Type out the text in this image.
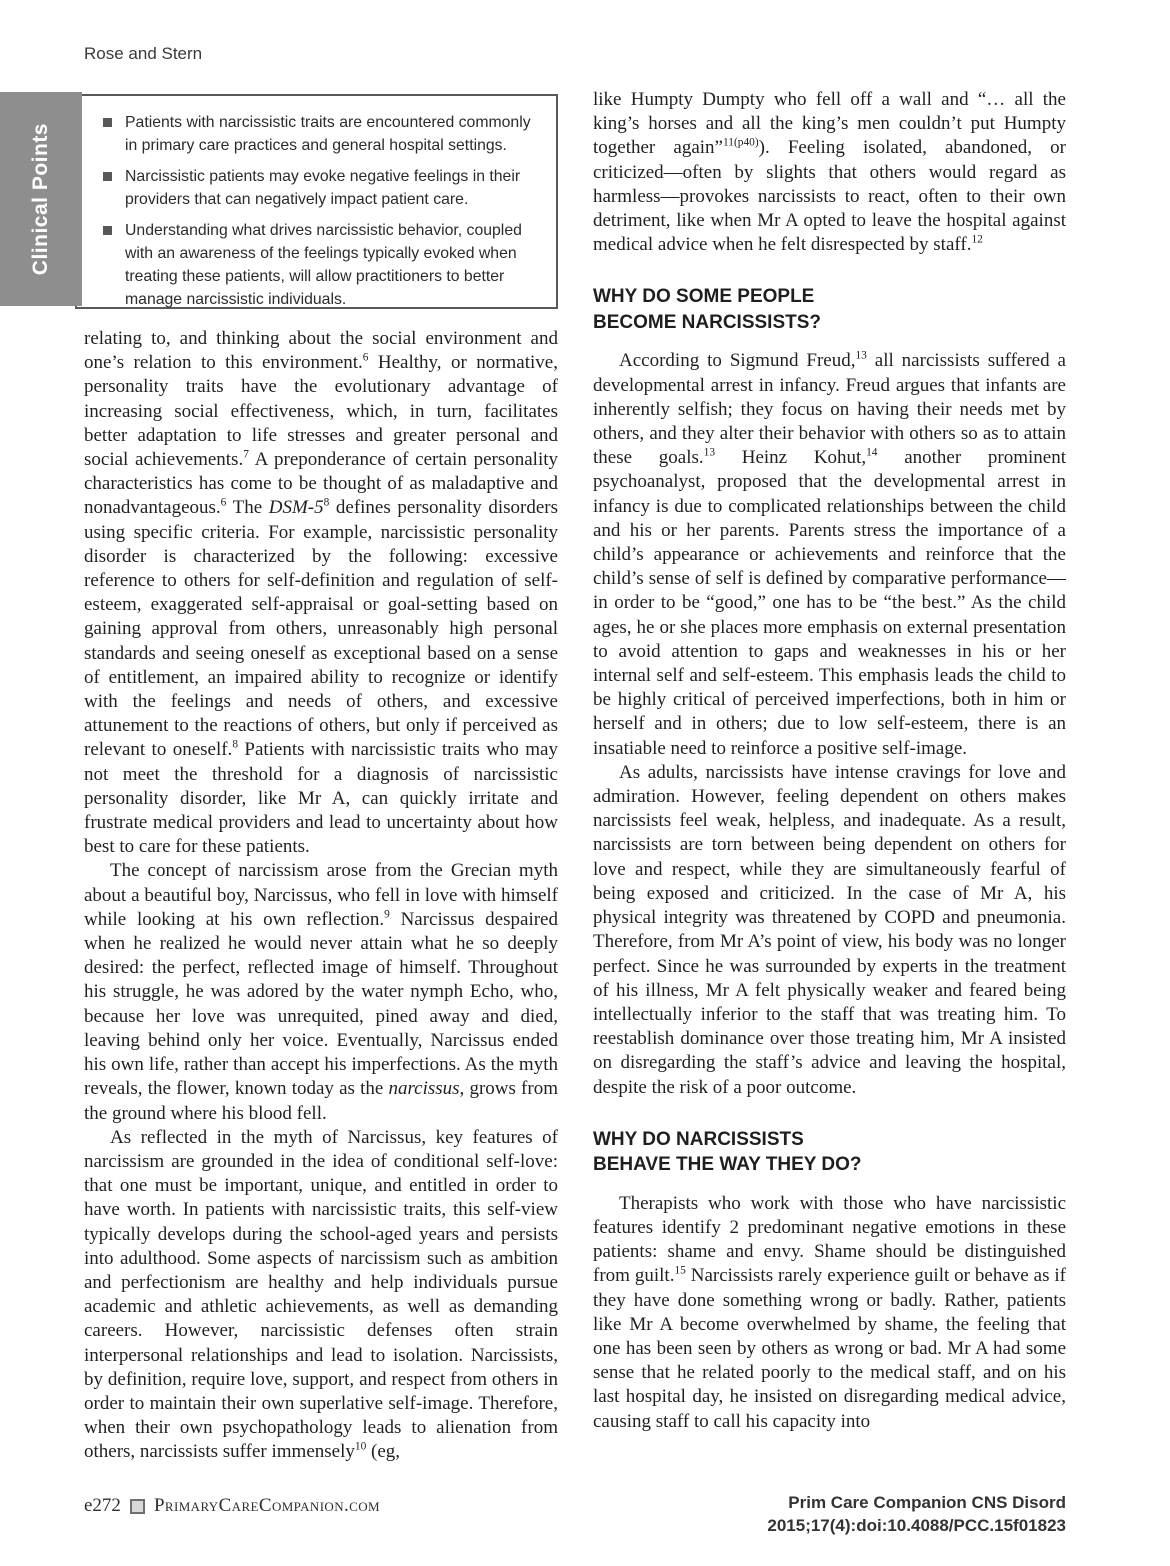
Rose and Stern
Patients with narcissistic traits are encountered commonly in primary care practices and general hospital settings.
Narcissistic patients may evoke negative feelings in their providers that can negatively impact patient care.
Understanding what drives narcissistic behavior, coupled with an awareness of the feelings typically evoked when treating these patients, will allow practitioners to better manage narcissistic individuals.
Clinical Points

relating to, and thinking about the social environment and one’s relation to this environment.$^6$ Healthy, or normative, personality traits have the evolutionary advantage of increasing social effectiveness, which, in turn, facilitates better adaptation to life stresses and greater personal and social achievements.$^7$ A preponderance of certain personality characteristics has come to be thought of as maladaptive and nonadvantageous.$^6$ The DSM-$5^8$ defines personality disorders using specific criteria. For example, narcissistic personality disorder is characterized by the following: excessive reference to others for self-definition and regulation of self-esteem, exaggerated self-appraisal or goal-setting based on gaining approval from others, unreasonably high personal standards and seeing oneself as exceptional based on a sense of entitlement, an impaired ability to recognize or identify with the feelings and needs of others, and excessive attunement to the reactions of others, but only if perceived as relevant to oneself.$^8$ Patients with narcissistic traits who may not meet the threshold for a diagnosis of narcissistic personality disorder, like Mr A, can quickly irritate and frustrate medical providers and lead to uncertainty about how best to care for these patients.

The concept of narcissism arose from the Grecian myth about a beautiful boy, Narcissus, who fell in love with himself while looking at his own reflection.$^9$ Narcissus despaired when he realized he would never attain what he so deeply desired: the perfect, reflected image of himself. Throughout his struggle, he was adored by the water nymph Echo, who, because her love was unrequited, pined away and died, leaving behind only her voice. Eventually, Narcissus ended his own life, rather than accept his imperfections. As the myth reveals, the flower, known today as the narcissus, grows from the ground where his blood fell.

As reflected in the myth of Narcissus, key features of narcissism are grounded in the idea of conditional self-love: that one must be important, unique, and entitled in order to have worth. In patients with narcissistic traits, this self-view typically develops during the school-aged years and persists into adulthood. Some aspects of narcissism such as ambition and perfectionism are healthy and help individuals pursue academic and athletic achievements, as well as demanding careers. However, narcissistic defenses often strain interpersonal relationships and lead to isolation. Narcissists, by definition, require love, support, and respect from others in order to maintain their own superlative self-image. Therefore, when their own psychopathology leads to alienation from others, narcissists suffer immensely$^{10}$ (eg,

like Humpty Dumpty who fell off a wall and “… all the king’s horses and all the king’s men couldn’t put Humpty together again”$^{11(p40)}$). Feeling isolated, abandoned, or criticized—often by slights that others would regard as harmless—provokes narcissists to react, often to their own detriment, like when Mr A opted to leave the hospital against medical advice when he felt disrespected by staff.$^{12}$

WHY DO SOME PEOPLE
BECOME NARCISSISTS?

According to Sigmund Freud,$^{13}$ all narcissists suffered a developmental arrest in infancy. Freud argues that infants are inherently selfish; they focus on having their needs met by others, and they alter their behavior with others so as to attain these goals.$^{13}$ Heinz Kohut,$^{14}$ another prominent psychoanalyst, proposed that the developmental arrest in infancy is due to complicated relationships between the child and his or her parents. Parents stress the importance of a child’s appearance or achievements and reinforce that the child’s sense of self is defined by comparative performance—in order to be “good,” one has to be “the best.” As the child ages, he or she places more emphasis on external presentation to avoid attention to gaps and weaknesses in his or her internal self and self-esteem. This emphasis leads the child to be highly critical of perceived imperfections, both in him or herself and in others; due to low self-esteem, there is an insatiable need to reinforce a positive self-image.

As adults, narcissists have intense cravings for love and admiration. However, feeling dependent on others makes narcissists feel weak, helpless, and inadequate. As a result, narcissists are torn between being dependent on others for love and respect, while they are simultaneously fearful of being exposed and criticized. In the case of Mr A, his physical integrity was threatened by COPD and pneumonia. Therefore, from Mr A’s point of view, his body was no longer perfect. Since he was surrounded by experts in the treatment of his illness, Mr A felt physically weaker and feared being intellectually inferior to the staff that was treating him. To reestablish dominance over those treating him, Mr A insisted on disregarding the staff’s advice and leaving the hospital, despite the risk of a poor outcome.

WHY DO NARCISSISTS
BEHAVE THE WAY THEY DO?

Therapists who work with those who have narcissistic features identify 2 predominant negative emotions in these patients: shame and envy. Shame should be distinguished from guilt.$^{15}$ Narcissists rarely experience guilt or behave as if they have done something wrong or badly. Rather, patients like Mr A become overwhelmed by shame, the feeling that one has been seen by others as wrong or bad. Mr A had some sense that he related poorly to the medical staff, and on his last hospital day, he insisted on disregarding medical advice, causing staff to call his capacity into

e272 PrimaryCareCompanion.com	Prim Care Companion CNS Disord
2015;17(4):doi:10.4088/PCC.15f01823
